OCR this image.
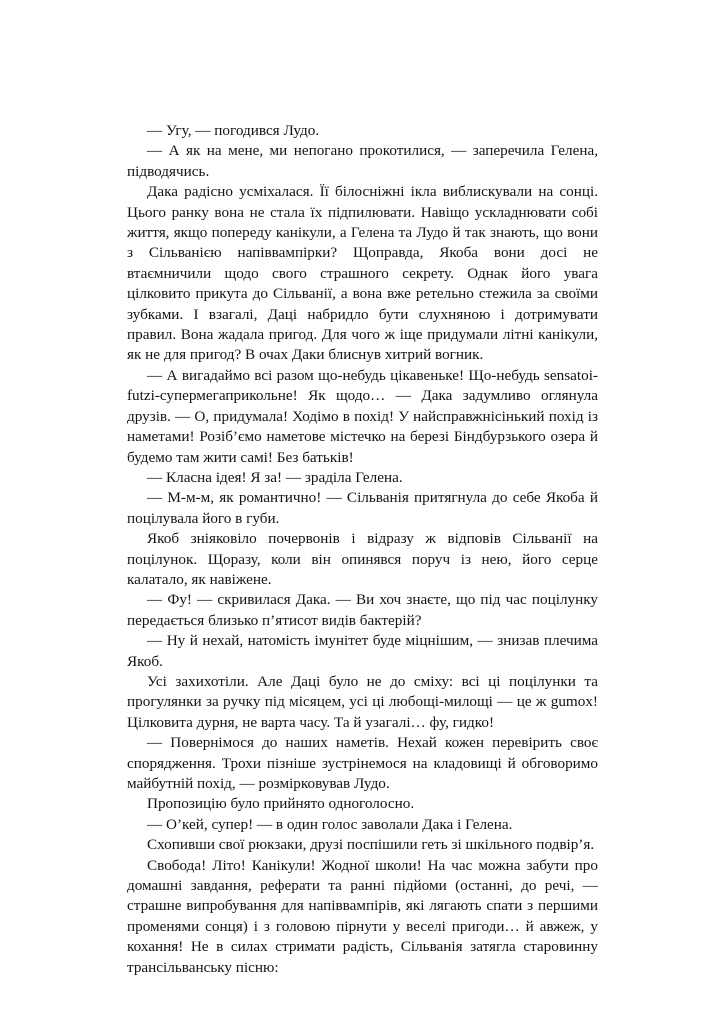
— Угу, — погодився Лудо.

— А як на мене, ми непогано прокотилися, — заперечила Гелена, підводячись.

Дака радісно усміхалася. Її білосніжні ікла виблискували на сонці. Цього ранку вона не стала їх підпилювати. Навіщо ускладнювати собі життя, якщо попереду канікули, а Гелена та Лудо й так знають, що вони з Сільванією напіввампірки? Щоправда, Якоба вони досі не втаємничили щодо свого страшного секрету. Однак його увага цілковито прикута до Сільванії, а вона вже ретельно стежила за своїми зубками. І взагалі, Даці набридло бути слухняною і дотримувати правил. Вона жадала пригод. Для чого ж іще придумали літні канікули, як не для пригод? В очах Даки блиснув хитрий вогник.

— А вигадаймо всі разом що-небудь цікавеньке! Що-небудь sensatoi-futzi-супермегаприкольне! Як щодо… — Дака задумливо оглянула друзів. — О, придумала! Ходімо в похід! У найсправжнісінький похід із наметами! Розіб’ємо наметове містечко на березі Біндбурзького озера й будемо там жити самі! Без батьків!

— Класна ідея! Я за! — зраділа Гелена.

— М-м-м, як романтично! — Сільванія притягнула до себе Якоба й поцілувала його в губи.

Якоб зніяковіло почервонів і відразу ж відповів Сільванії на поцілунок. Щоразу, коли він опинявся поруч із нею, його серце калатало, як навіжене.

— Фу! — скривилася Дака. — Ви хоч знаєте, що під час поцілунку передається близько п’ятисот видів бактерій?

— Ну й нехай, натомість імунітет буде міцнішим, — знизав плечима Якоб.

Усі захихотіли. Але Даці було не до сміху: всі ці поцілунки та прогулянки за ручку під місяцем, усі ці любощі-милощі — це ж gumox! Цілковита дурня, не варта часу. Та й узагалі… фу, гидко!

— Повернімося до наших наметів. Нехай кожен перевірить своє спорядження. Трохи пізніше зустрінемося на кладовищі й обговоримо майбутній похід, — розмірковував Лудо.

Пропозицію було прийнято одноголосно.

— О’кей, супер! — в один голос заволали Дака і Гелена.

Схопивши свої рюкзаки, друзі поспішили геть зі шкільного подвір’я.

Свобода! Літо! Канікули! Жодної школи! На час можна забути про домашні завдання, реферати та ранні підйоми (останні, до речі, — страшне випробування для напіввампірів, які лягають спати з першими променями сонця) і з головою пірнути у веселі пригоди… й авжеж, у кохання! Не в силах стримати радість, Сільванія затягла старовинну трансільванську пісню:
